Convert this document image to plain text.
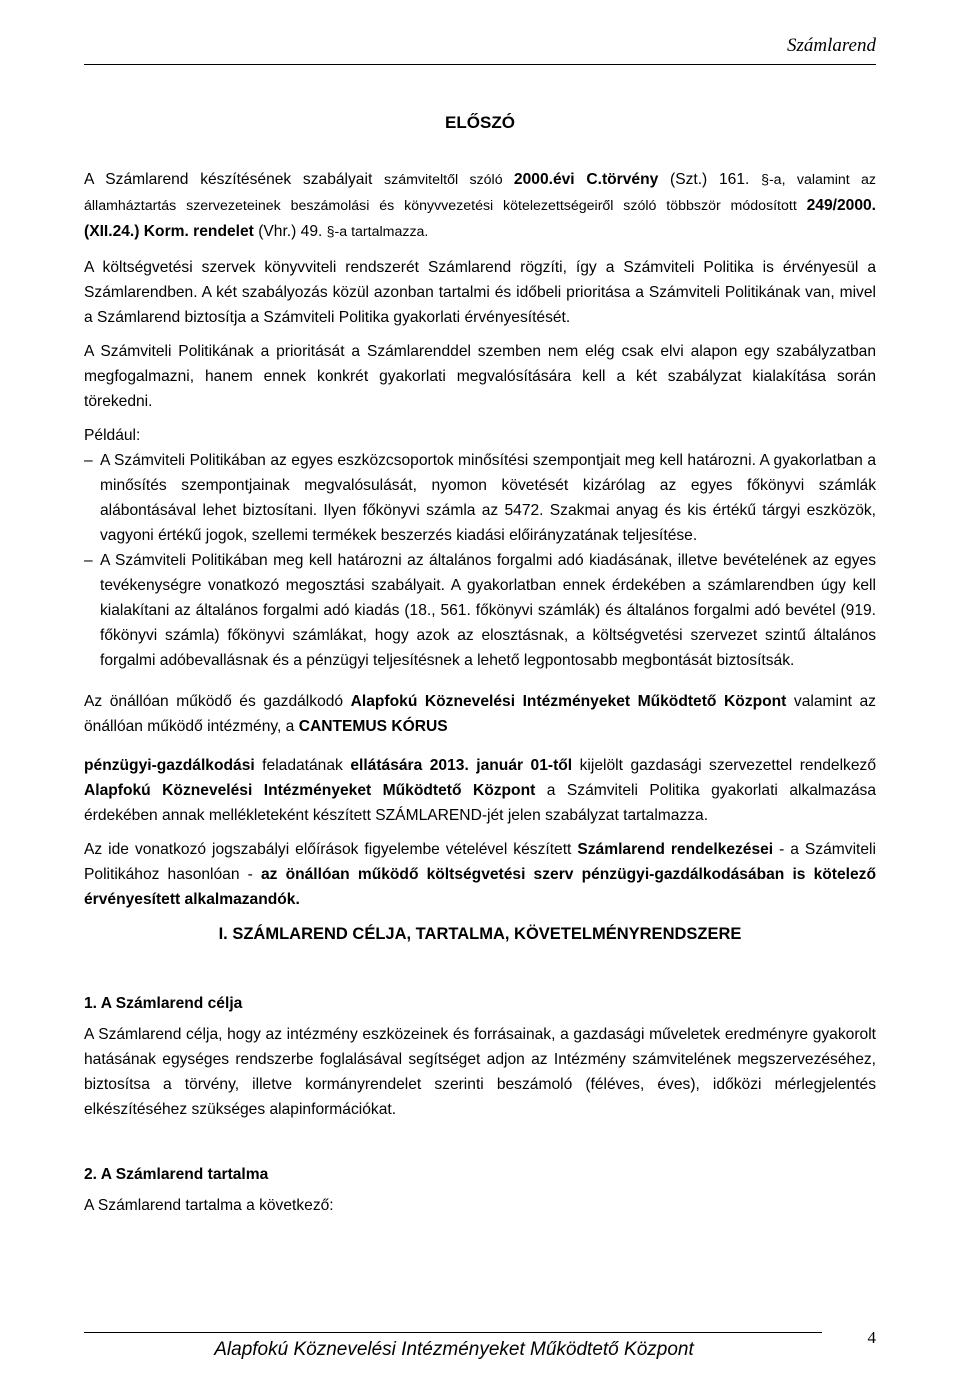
Számlarend
ELŐSZÓ

A Számlarend készítésének szabályait számviteltől szóló 2000.évi C.törvény (Szt.) 161. §-a, valamint az államháztartás szervezeteinek beszámolási és könyvvezetési kötelezettségeiről szóló többször módosított 249/2000.(XII.24.) Korm. rendelet (Vhr.) 49. §-a tartalmazza.

A költségvetési szervek könyvviteli rendszerét Számlarend rögzíti, így a Számviteli Politika is érvényesül a Számlarendben. A két szabályozás közül azonban tartalmi és időbeli prioritása a Számviteli Politikának van, mivel a Számlarend biztosítja a Számviteli Politika gyakorlati érvényesítését.

A Számviteli Politikának a prioritását a Számlarenddel szemben nem elég csak elvi alapon egy szabályzatban megfogalmazni, hanem ennek konkrét gyakorlati megvalósítására kell a két szabályzat kialakítása során törekedni.

Például:

– A Számviteli Politikában az egyes eszközcsoportok minősítési szempontjait meg kell határozni. A gyakorlatban a minősítés szempontjainak megvalósulását, nyomon követését kizárólag az egyes főkönyvi számlák alábontásával lehet biztosítani. Ilyen főkönyvi számla az 5472. Szakmai anyag és kis értékű tárgyi eszközök, vagyoni értékű jogok, szellemi termékek beszerzés kiadási előirányzatának teljesítése.
– A Számviteli Politikában meg kell határozni az általános forgalmi adó kiadásának, illetve bevételének az egyes tevékenységre vonatkozó megosztási szabályait. A gyakorlatban ennek érdekében a számlarendben úgy kell kialakítani az általános forgalmi adó kiadás (18., 561. főkönyvi számlák) és általános forgalmi adó bevétel (919. főkönyvi számla) főkönyvi számlákat, hogy azok az elosztásnak, a költségvetési szervezet szintű általános forgalmi adóbevallásnak és a pénzügyi teljesítésnek a lehető legpontosabb megbontását biztosítsák.

Az önállóan működő és gazdálkodó Alapfokú Köznevelési Intézményeket Működtető Központ valamint az önállóan működő intézmény, a CANTEMUS KÓRUS

pénzügyi-gazdálkodási feladatának ellátására 2013. január 01-től kijelölt gazdasági szervezettel rendelkező Alapfokú Köznevelési Intézményeket Működtető Központ a Számviteli Politika gyakorlati alkalmazása érdekében annak mellékleteként készített SZÁMLAREND-jét jelen szabályzat tartalmazza.

Az ide vonatkozó jogszabályi előírások figyelembe vételével készített Számlarend rendelkezései - a Számviteli Politikához hasonlóan - az önállóan működő költségvetési szerv pénzügyi-gazdálkodásában is kötelező érvényesített alkalmazandók.

I. SZÁMLAREND CÉLJA, TARTALMA, KÖVETELMÉNYRENDSZERE
1. A Számlarend célja

A Számlarend célja, hogy az intézmény eszközeinek és forrásainak, a gazdasági műveletek eredményre gyakorolt hatásának egységes rendszerbe foglalásával segítséget adjon az Intézmény számvitelének megszervezéséhez, biztosítsa a törvény, illetve kormányrendelet szerinti beszámoló (féléves, éves), időközi mérlegjelentés elkészítéséhez szükséges alapinformációkat.

2. A Számlarend tartalma

A Számlarend tartalma a következő:

Alapfokú Köznevelési Intézményeket Működtető Központ
4
